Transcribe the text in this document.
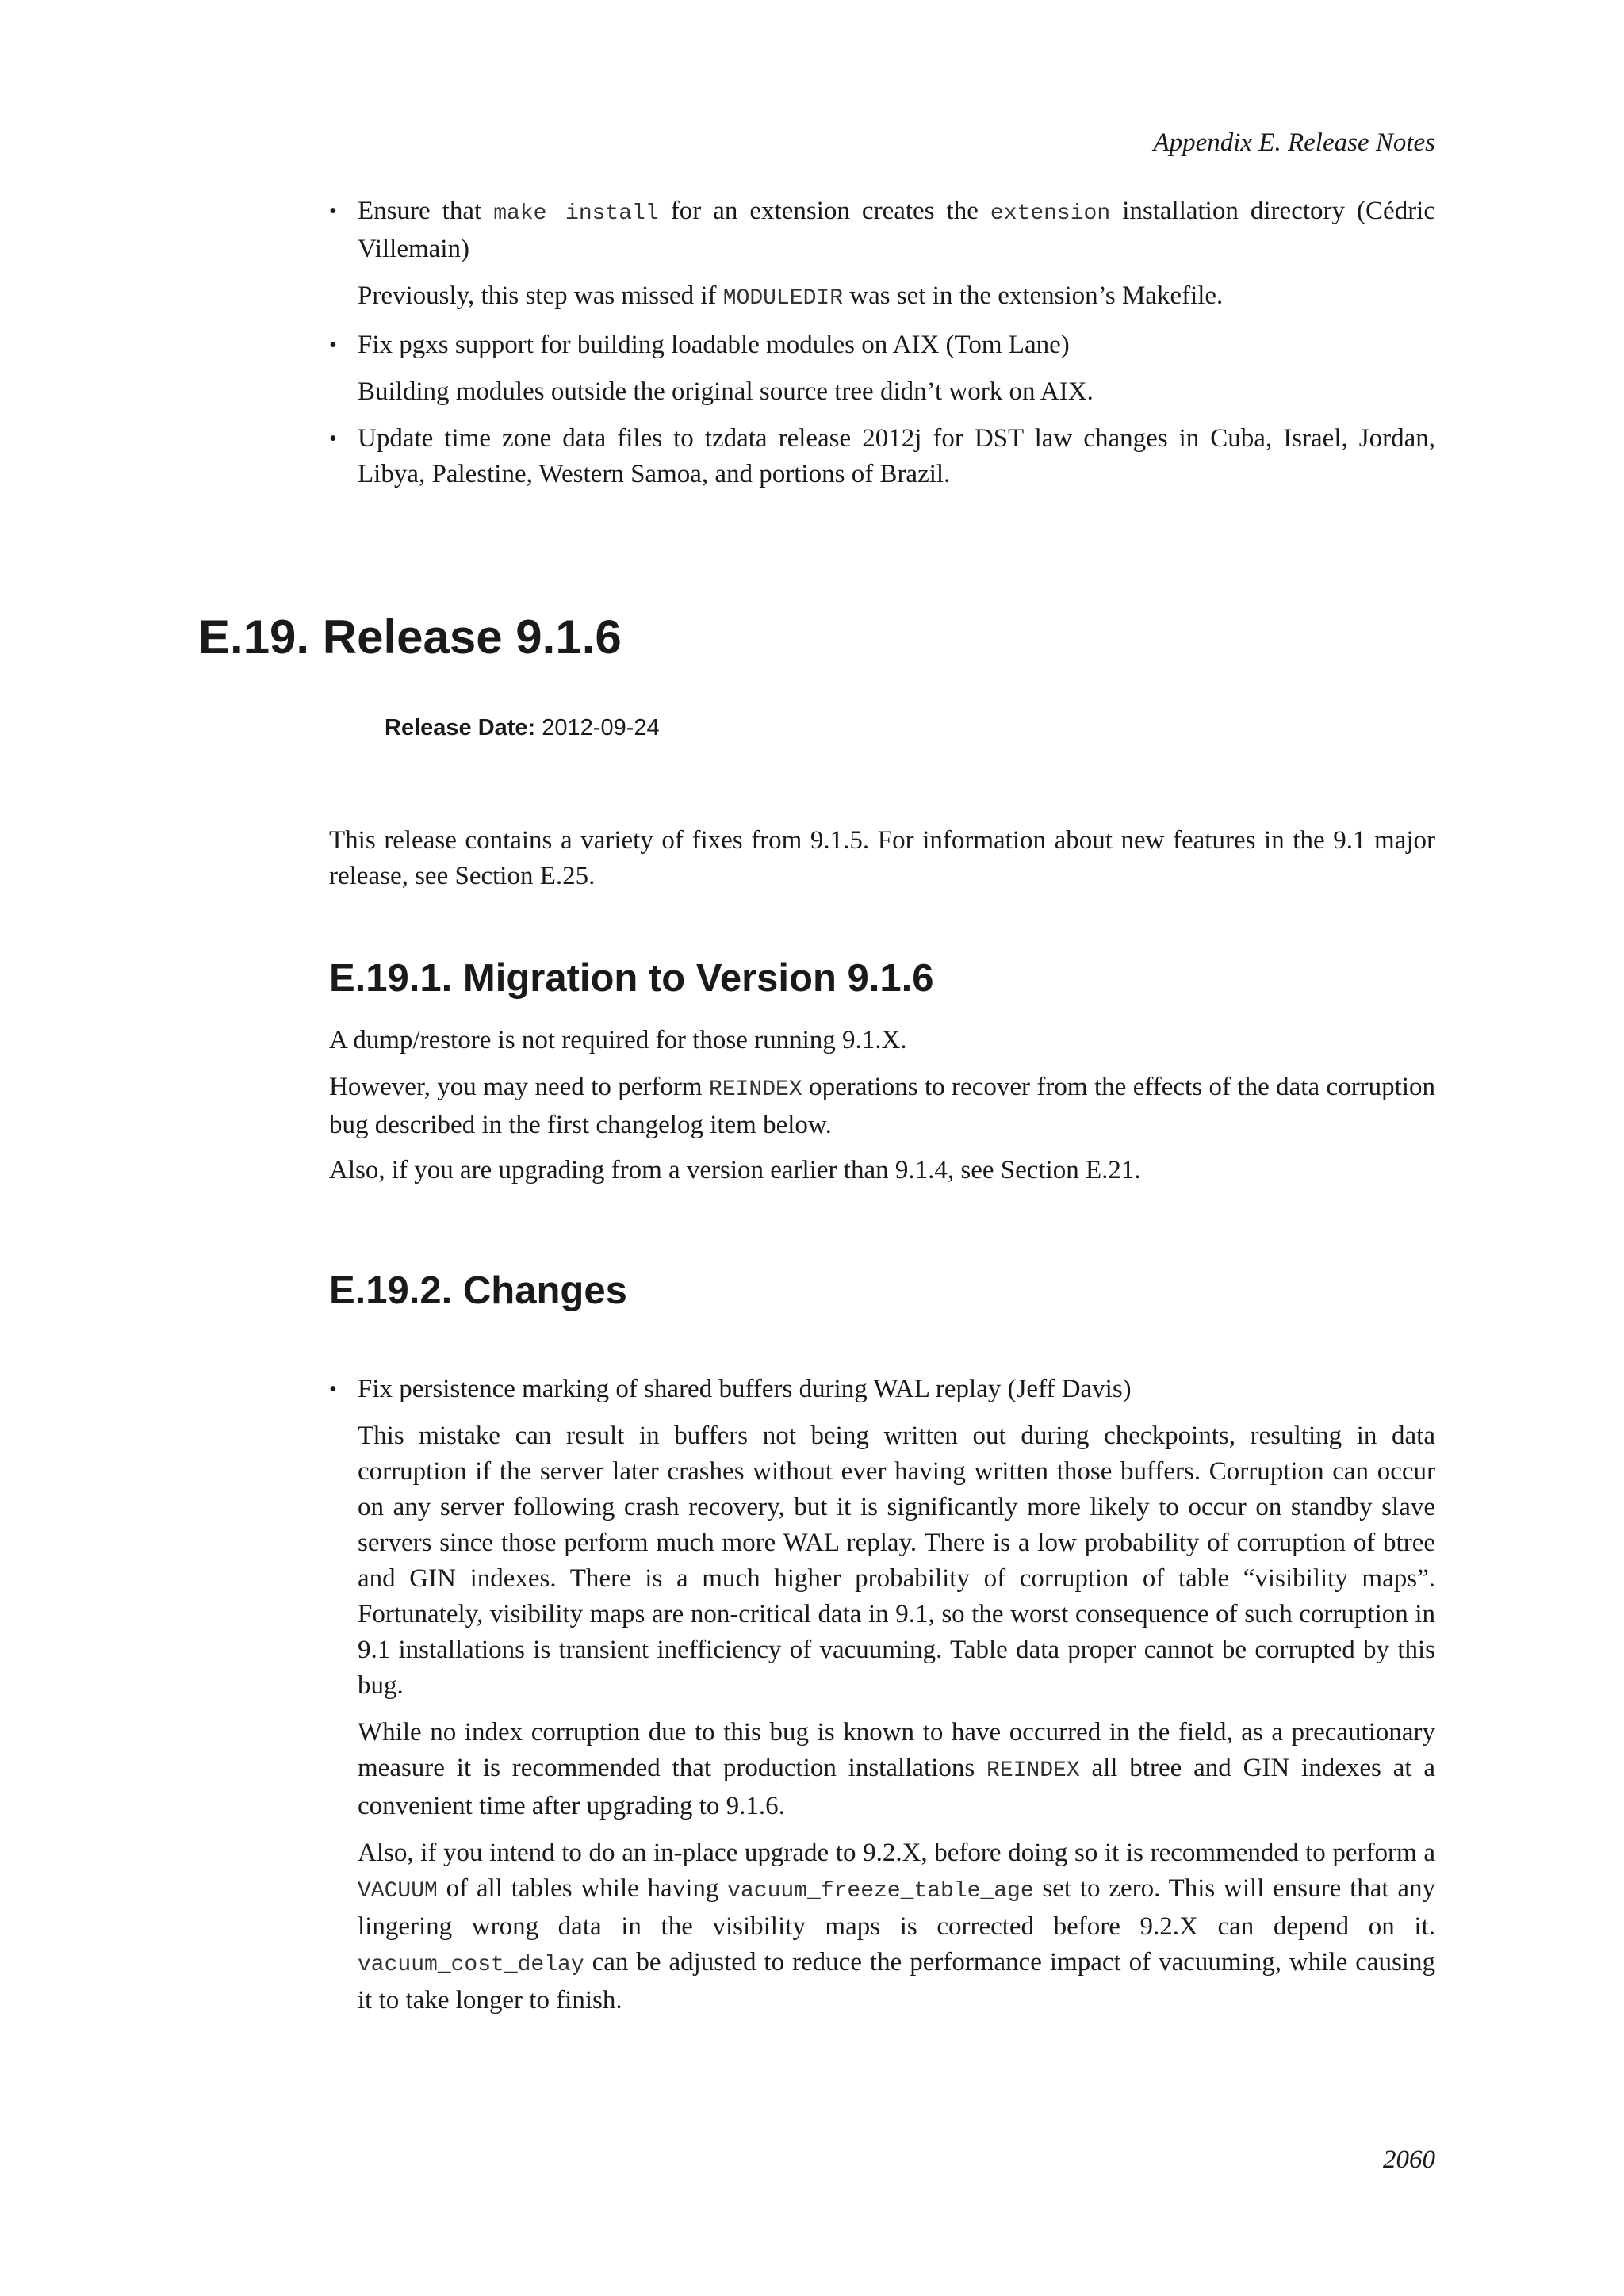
Appendix E. Release Notes
• Ensure that make install for an extension creates the extension installation directory (Cédric Villemain)

Previously, this step was missed if MODULEDIR was set in the extension’s Makefile.

• Fix pgxs support for building loadable modules on AIX (Tom Lane)

Building modules outside the original source tree didn’t work on AIX.

• Update time zone data files to tzdata release 2012j for DST law changes in Cuba, Israel, Jordan, Libya, Palestine, Western Samoa, and portions of Brazil.

E.19. Release 9.1.6
Release Date: 2012-09-24

This release contains a variety of fixes from 9.1.5. For information about new features in the 9.1 major release, see Section E.25.

E.19.1. Migration to Version 9.1.6

A dump/restore is not required for those running 9.1.X.

However, you may need to perform REINDEX operations to recover from the effects of the data corruption bug described in the first changelog item below.

Also, if you are upgrading from a version earlier than 9.1.4, see Section E.21.

E.19.2. Changes
• Fix persistence marking of shared buffers during WAL replay (Jeff Davis)

This mistake can result in buffers not being written out during checkpoints, resulting in data corruption if the server later crashes without ever having written those buffers. Corruption can occur on any server following crash recovery, but it is significantly more likely to occur on standby slave servers since those perform much more WAL replay. There is a low probability of corruption of btree and GIN indexes. There is a much higher probability of corruption of table “visibility maps”. Fortunately, visibility maps are non-critical data in 9.1, so the worst consequence of such corruption in 9.1 installations is transient inefficiency of vacuuming. Table data proper cannot be corrupted by this bug.

While no index corruption due to this bug is known to have occurred in the field, as a precautionary measure it is recommended that production installations REINDEX all btree and GIN indexes at a convenient time after upgrading to 9.1.6.

Also, if you intend to do an in-place upgrade to 9.2.X, before doing so it is recommended to perform a VACUUM of all tables while having vacuum_freeze_table_age set to zero. This will ensure that any lingering wrong data in the visibility maps is corrected before 9.2.X can depend on it. vacuum_cost_delay can be adjusted to reduce the performance impact of vacuuming, while causing it to take longer to finish.

2060
